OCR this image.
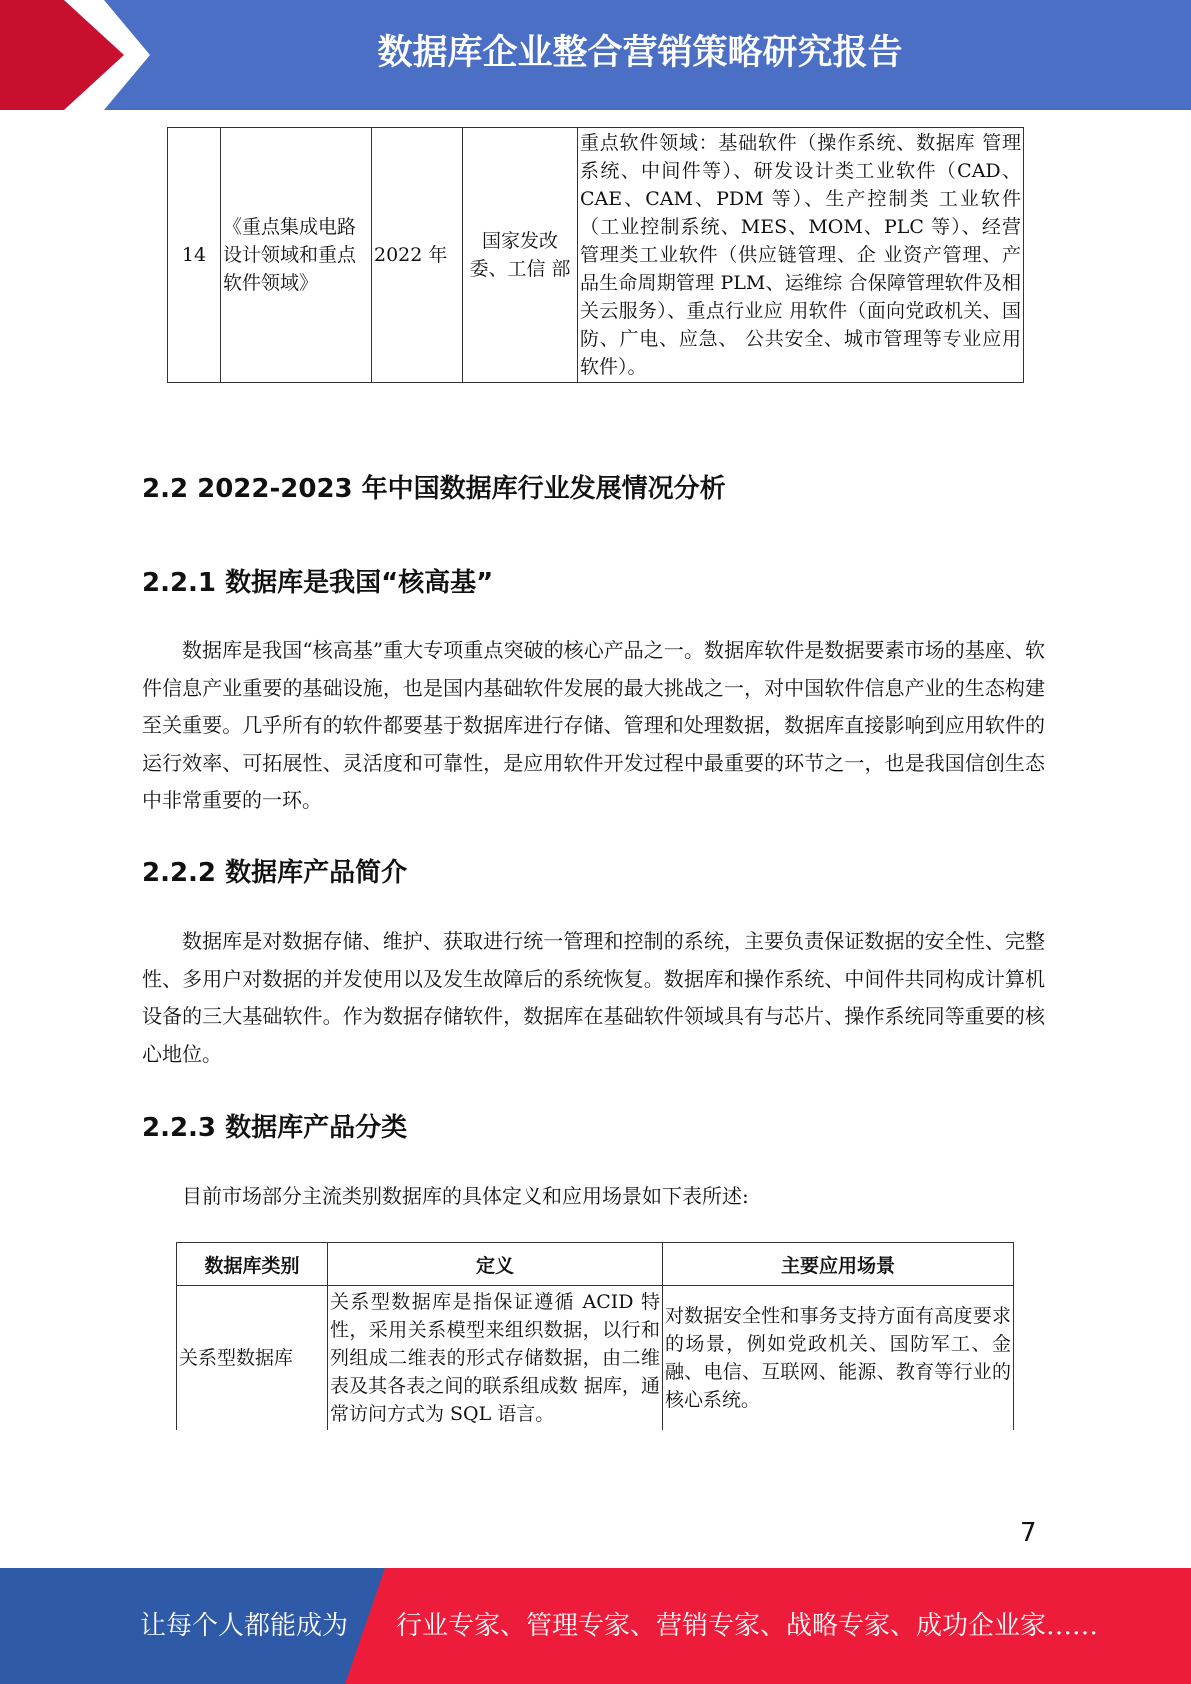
数据库企业整合营销策略研究报告
14	《重点集成电路设计领域和重点软件领域》	2022 年	国家发改委、工信 部	重点软件领域：基础软件（操作系统、数据库 管理系统、中间件等）、研发设计类工业软件（CAD、CAE、CAM、PDM 等）、生产控制类 工业软件（工业控制系统、MES、MOM、PLC 等）、经营管理类工业软件（供应链管理、企 业资产管理、产品生命周期管理 PLM、运维综 合保障管理软件及相关云服务）、重点行业应 用软件（面向党政机关、国防、广电、应急、 公共安全、城市管理等专业应用软件）。
2.2 2022-2023 年中国数据库行业发展情况分析
2.2.1 数据库是我国“核高基”

数据库是我国“核高基”重大专项重点突破的核心产品之一。数据库软件是数据要素市场的基座、软件信息产业重要的基础设施，也是国内基础软件发展的最大挑战之一，对中国软件信息产业的生态构建至关重要。几乎所有的软件都要基于数据库进行存储、管理和处理数据，数据库直接影响到应用软件的运行效率、可拓展性、灵活度和可靠性，是应用软件开发过程中最重要的环节之一，也是我国信创生态中非常重要的一环。

2.2.2 数据库产品简介

数据库是对数据存储、维护、获取进行统一管理和控制的系统，主要负责保证数据的安全性、完整性、多用户对数据的并发使用以及发生故障后的系统恢复。数据库和操作系统、中间件共同构成计算机设备的三大基础软件。作为数据存储软件，数据库在基础软件领域具有与芯片、操作系统同等重要的核心地位。

2.2.3 数据库产品分类

目前市场部分主流类别数据库的具体定义和应用场景如下表所述:

数据库类别	定义	主要应用场景
关系型数据库	关系型数据库是指保证遵循 ACID 特性，采用关系模型来组织数据，以行和列组成二维表的形式存储数据，由二维表及其各表之间的联系组成数 据库，通常访问方式为 SQL 语言。	对数据安全性和事务支持方面有高度要求的场景，例如党政机关、国防军工、金融、电信、互联网、能源、教育等行业的核心系统。
7
让每个人都能成为 行业专家、管理专家、营销专家、战略专家、成功企业家……
